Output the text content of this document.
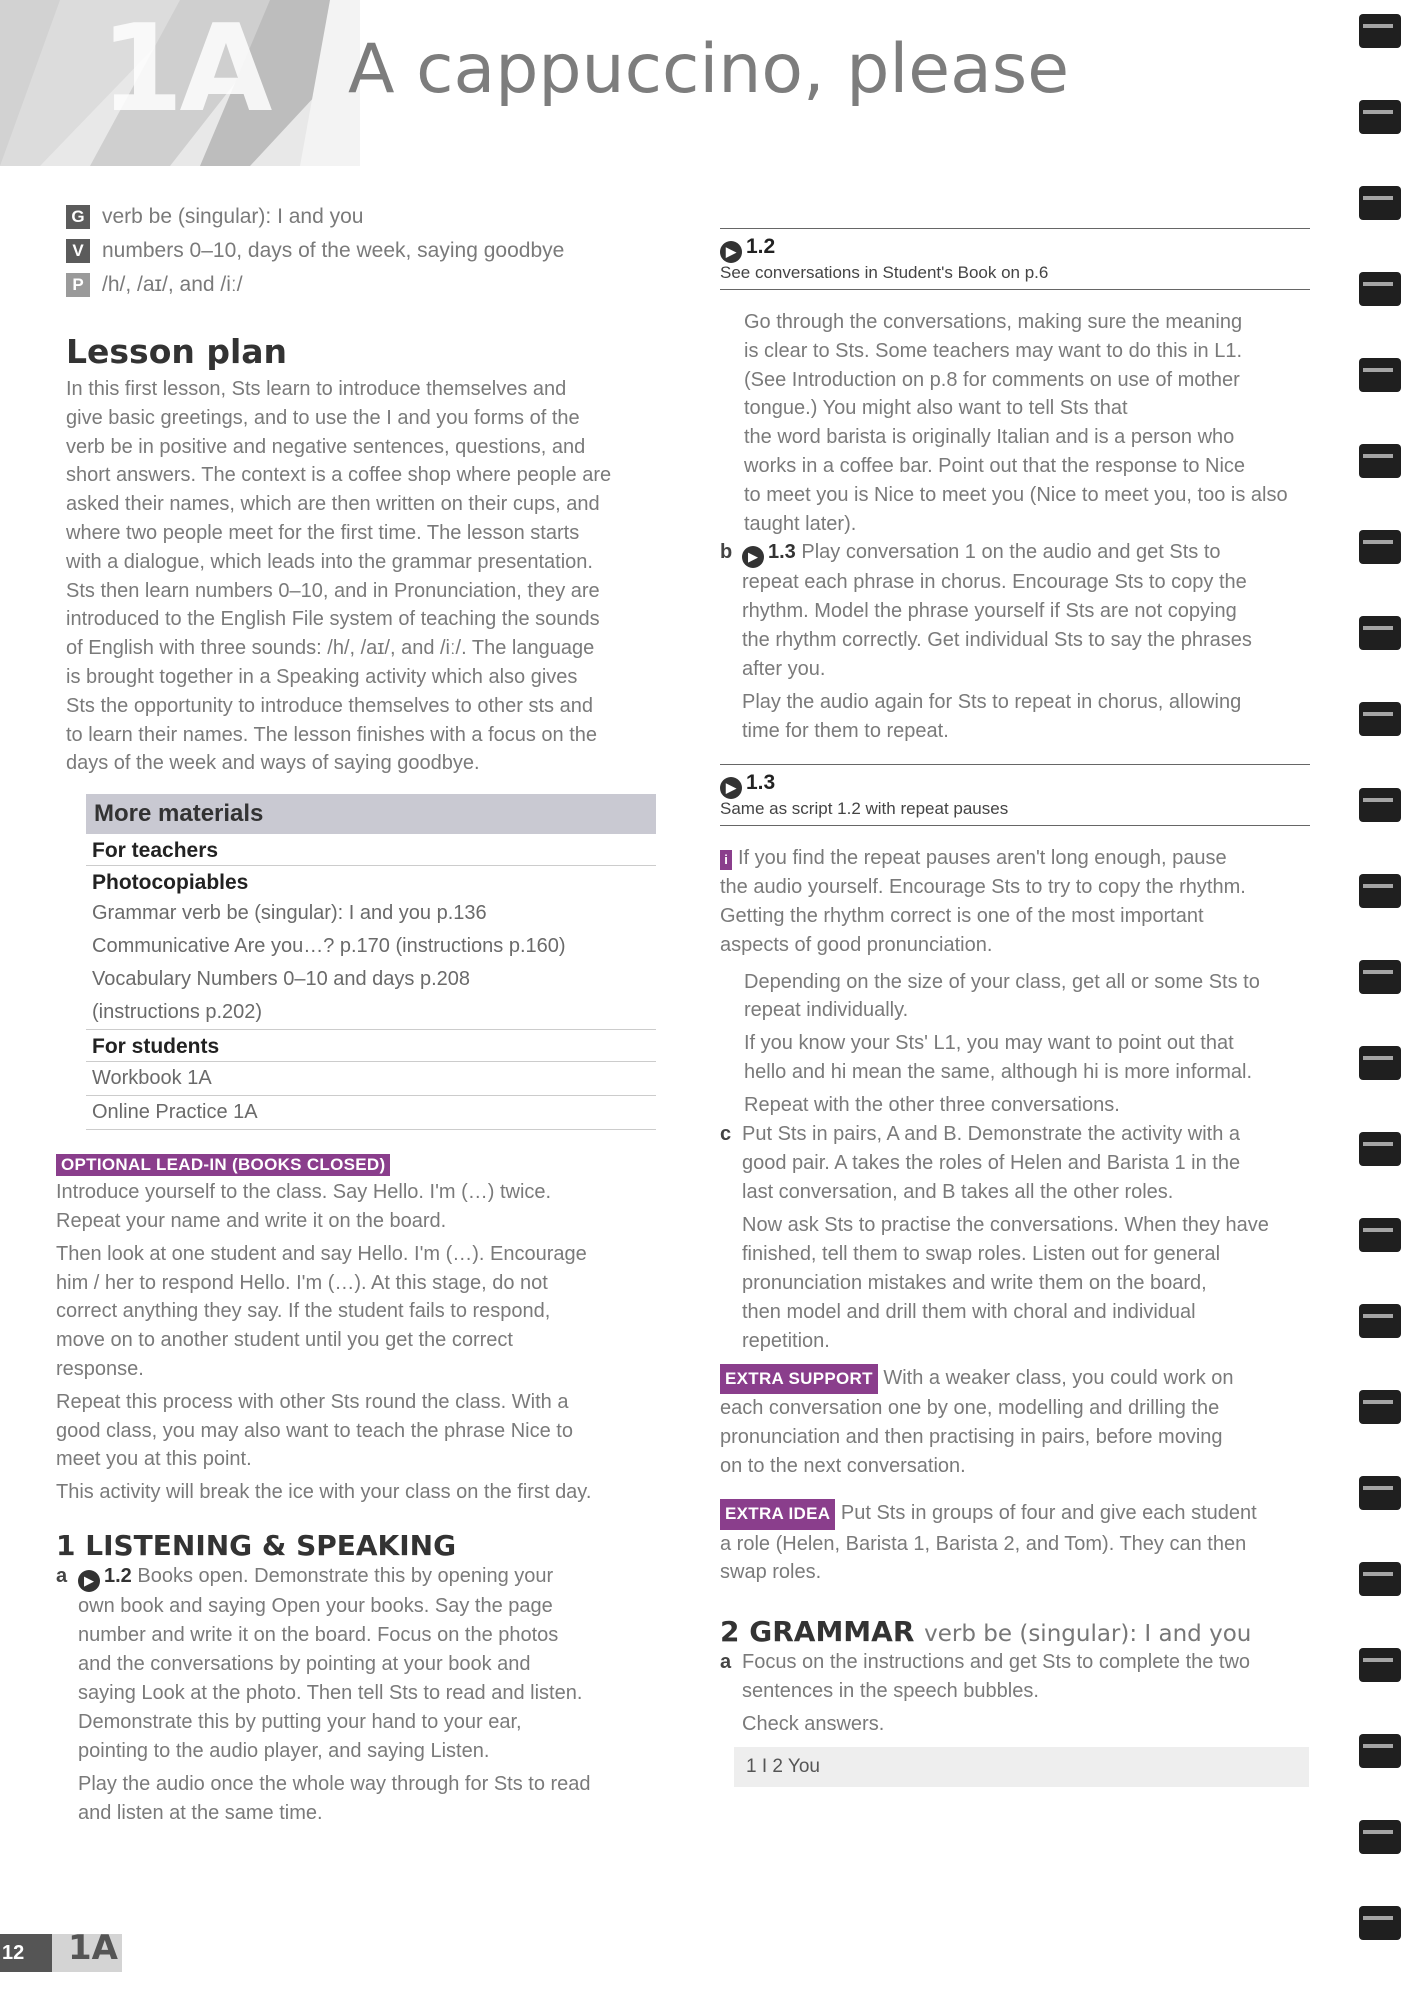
1A A cappuccino, please
G verb be (singular): I and you
V numbers 0–10, days of the week, saying goodbye
P /h/, /aɪ/, and /iː/
Lesson plan
In this first lesson, Sts learn to introduce themselves and
give basic greetings, and to use the I and you forms of the
verb be in positive and negative sentences, questions, and
short answers. The context is a coffee shop where people are
asked their names, which are then written on their cups, and
where two people meet for the first time. The lesson starts
with a dialogue, which leads into the grammar presentation.
Sts then learn numbers 0–10, and in Pronunciation, they are
introduced to the English File system of teaching the sounds
of English with three sounds: /h/, /aɪ/, and /iː/. The language
is brought together in a Speaking activity which also gives
Sts the opportunity to introduce themselves to other sts and
to learn their names. The lesson finishes with a focus on the
days of the week and ways of saying goodbye.
More materials
For teachers
Photocopiables
Grammar verb be (singular): I and you p.136
Communicative Are you…? p.170 (instructions p.160)
Vocabulary Numbers 0–10 and days p.208
(instructions p.202)
For students
Workbook 1A
Online Practice 1A
OPTIONAL LEAD-IN (BOOKS CLOSED)
Introduce yourself to the class. Say Hello. I'm (…) twice.
Repeat your name and write it on the board.
Then look at one student and say Hello. I'm (…). Encourage
him / her to respond Hello. I'm (…). At this stage, do not
correct anything they say. If the student fails to respond,
move on to another student until you get the correct
response.
Repeat this process with other Sts round the class. With a
good class, you may also want to teach the phrase Nice to
meet you at this point.
This activity will break the ice with your class on the first day.
1 LISTENING & SPEAKING
a	▶ 1.2 Books open. Demonstrate this by opening your
own book and saying Open your books. Say the page
number and write it on the board. Focus on the photos
and the conversations by pointing at your book and
saying Look at the photo. Then tell Sts to read and listen.
Demonstrate this by putting your hand to your ear,
pointing to the audio player, and saying Listen.
Play the audio once the whole way through for Sts to read
and listen at the same time.
▶ 1.2
See conversations in Student's Book on p.6
Go through the conversations, making sure the meaning
is clear to Sts. Some teachers may want to do this in L1.
(See Introduction on p.8 for comments on use of mother
tongue.) You might also want to tell Sts that
the word barista is originally Italian and is a person who
works in a coffee bar. Point out that the response to Nice
to meet you is Nice to meet you (Nice to meet you, too is also
taught later).
b	▶ 1.3 Play conversation 1 on the audio and get Sts to
repeat each phrase in chorus. Encourage Sts to copy the
rhythm. Model the phrase yourself if Sts are not copying
the rhythm correctly. Get individual Sts to say the phrases
after you.
Play the audio again for Sts to repeat in chorus, allowing
time for them to repeat.
▶ 1.3
Same as script 1.2 with repeat pauses
i If you find the repeat pauses aren't long enough, pause
the audio yourself. Encourage Sts to try to copy the rhythm.
Getting the rhythm correct is one of the most important
aspects of good pronunciation.
Depending on the size of your class, get all or some Sts to
repeat individually.
If you know your Sts' L1, you may want to point out that
hello and hi mean the same, although hi is more informal.
Repeat with the other three conversations.
c Put Sts in pairs, A and B. Demonstrate the activity with a
good pair. A takes the roles of Helen and Barista 1 in the
last conversation, and B takes all the other roles.
Now ask Sts to practise the conversations. When they have
finished, tell them to swap roles. Listen out for general
pronunciation mistakes and write them on the board,
then model and drill them with choral and individual
repetition.
EXTRA SUPPORT With a weaker class, you could work on
each conversation one by one, modelling and drilling the
pronunciation and then practising in pairs, before moving
on to the next conversation.
EXTRA IDEA Put Sts in groups of four and give each student
a role (Helen, Barista 1, Barista 2, and Tom). They can then
swap roles.
2 GRAMMAR verb be (singular): I and you
a Focus on the instructions and get Sts to complete the two
sentences in the speech bubbles.
Check answers.
1 I 2 You
12	1A
